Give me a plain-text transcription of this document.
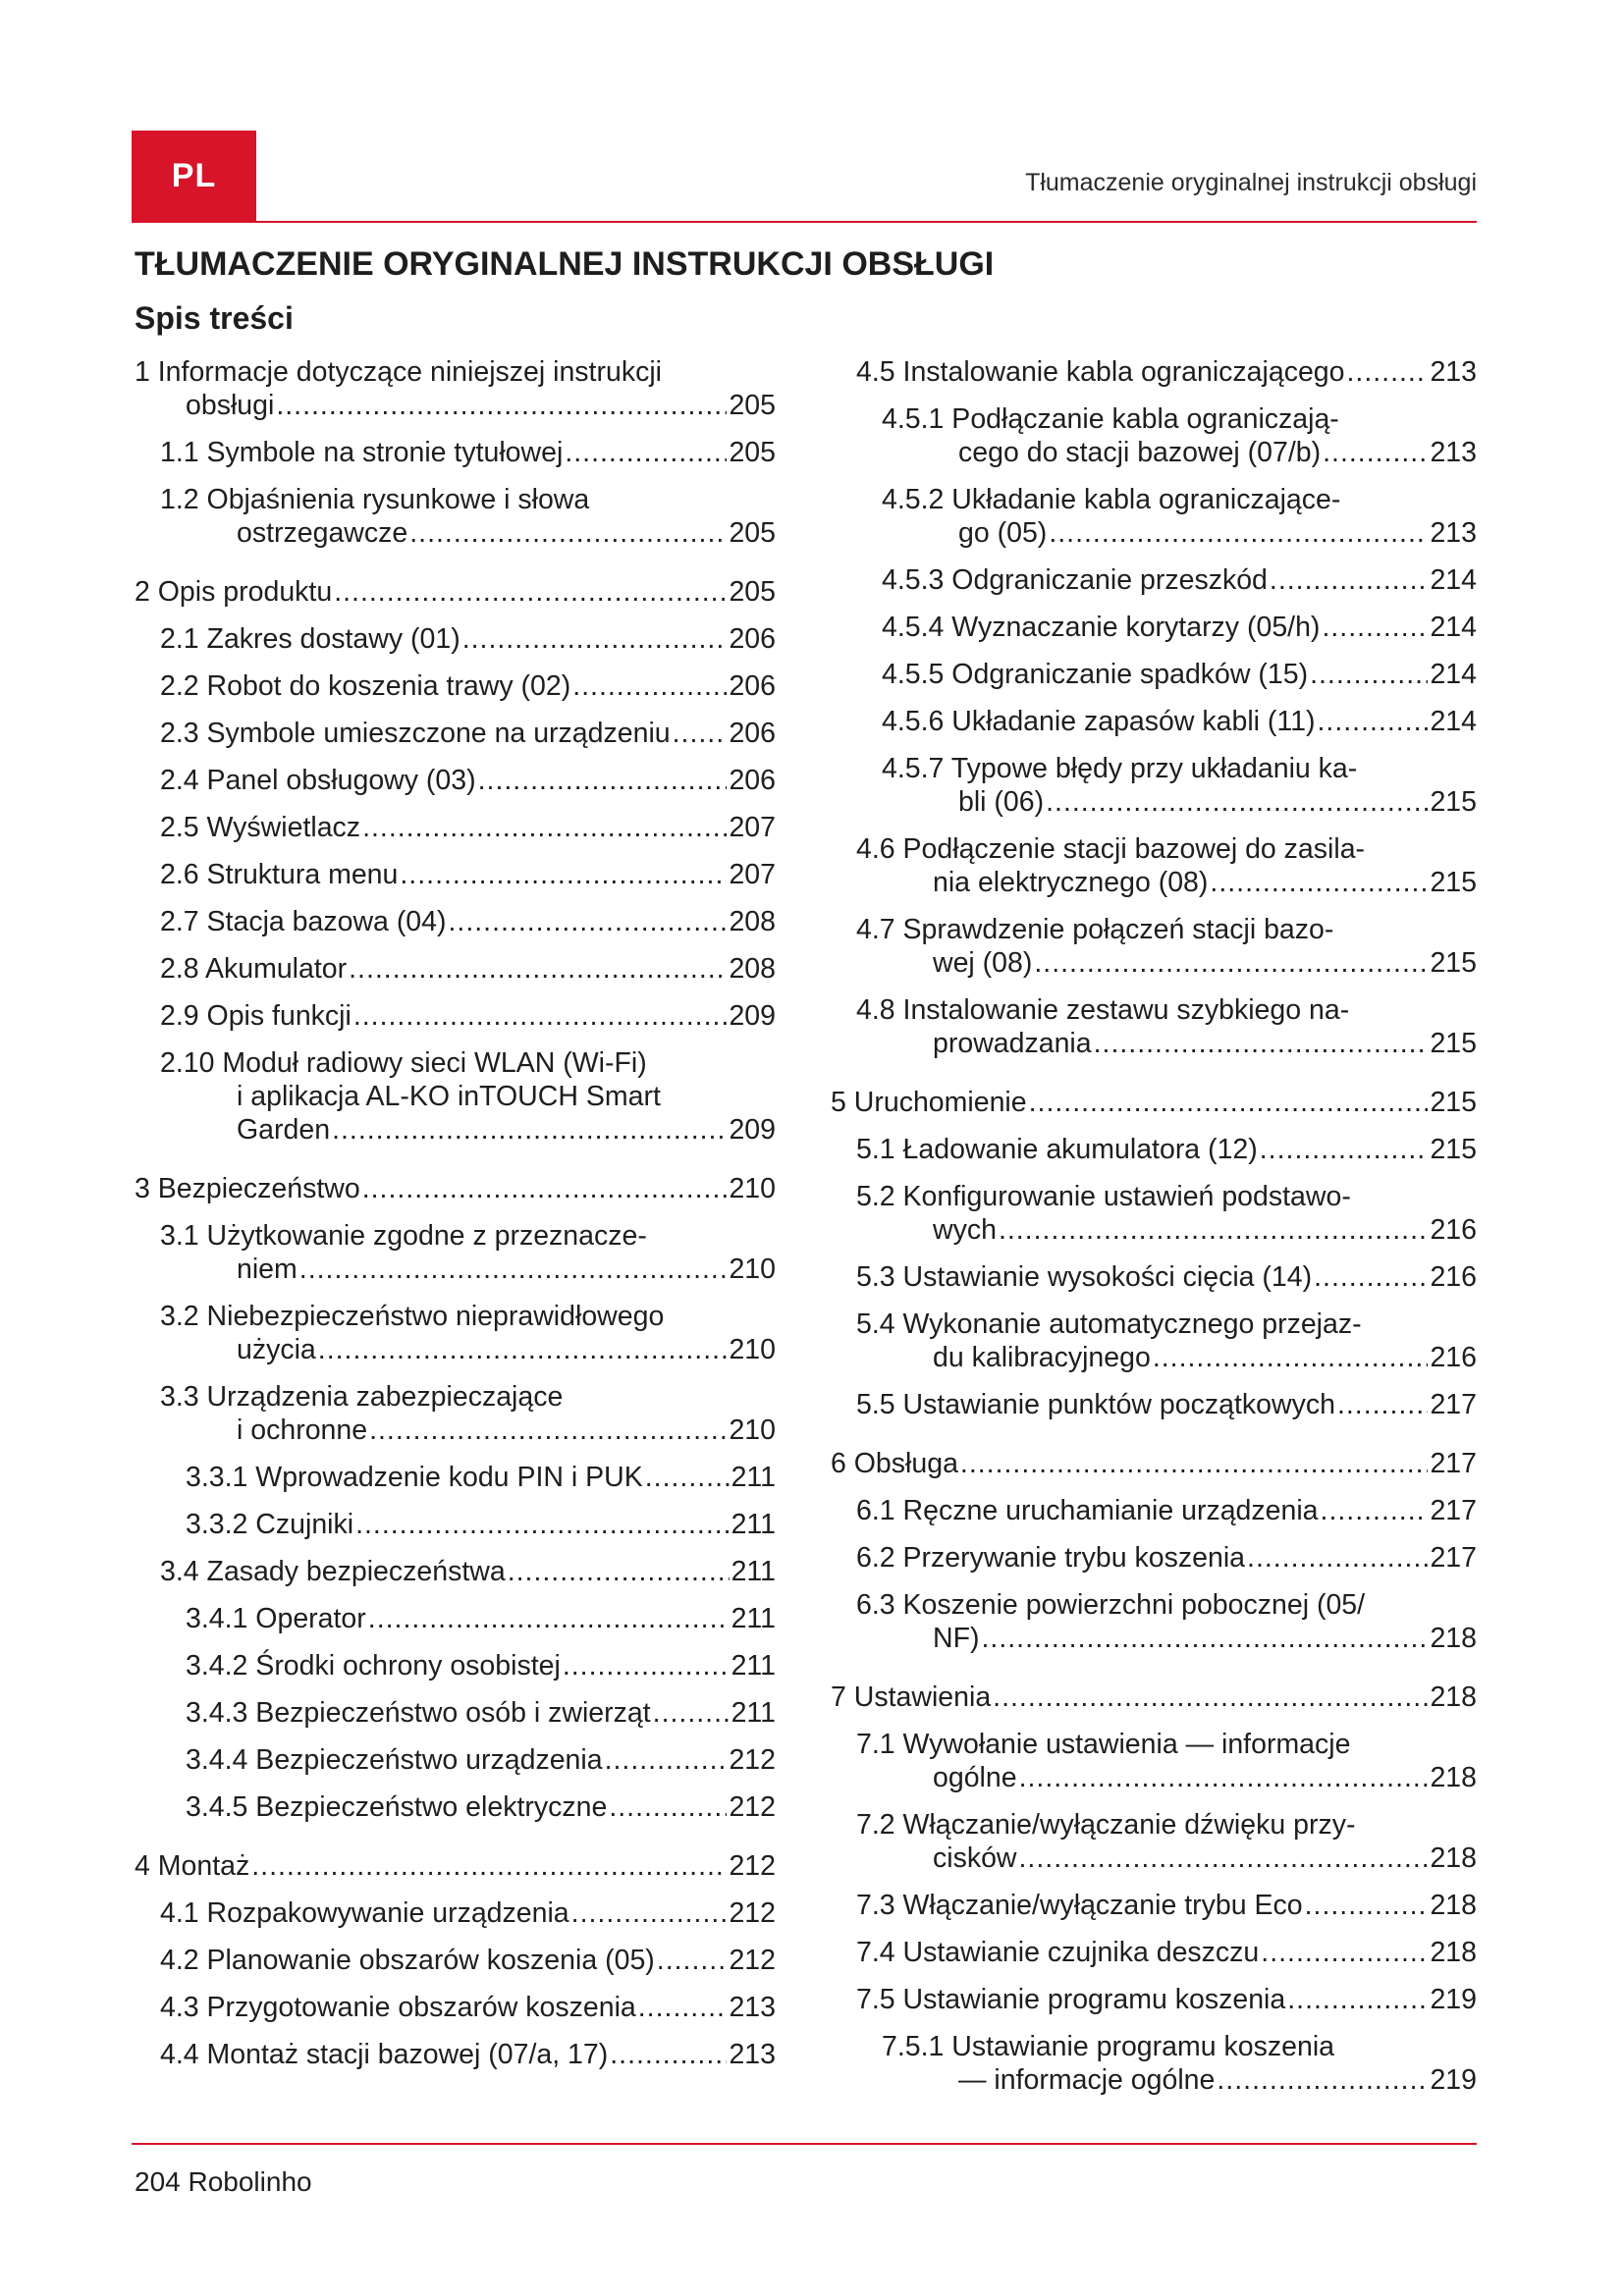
PL	Tłumaczenie oryginalnej instrukcji obsługi
TŁUMACZENIE ORYGINALNEJ INSTRUKCJI OBSŁUGI
Spis treści
1 Informacje dotyczące niniejszej instrukcji
obsługi .....	205
1.1 Symbole na stronie tytułowej .....	205
1.2 Objaśnienia rysunkowe i słowa
ostrzegawcze .....	205
2 Opis produktu .....	205
2.1 Zakres dostawy (01) .....	206
2.2 Robot do koszenia trawy (02) .....	206
2.3 Symbole umieszczone na urządzeniu ..... 206
2.4 Panel obsługowy (03) .....	206
2.5 Wyświetlacz .....	207
2.6 Struktura menu .....	207
2.7 Stacja bazowa (04) .....	208
2.8 Akumulator .....	208
2.9 Opis funkcji .....	209
2.10 Moduł radiowy sieci WLAN (Wi-Fi)
i aplikacja AL-KO inTOUCH Smart
Garden .....	209
3 Bezpieczeństwo .....	210
3.1 Użytkowanie zgodne z przeznacze-
niem .....	210
3.2 Niebezpieczeństwo nieprawidłowego
użycia .....	210
3.3 Urządzenia zabezpieczające
i ochronne .....	210
3.3.1 Wprowadzenie kodu PIN i PUK .....	211
3.3.2 Czujniki .....	211
3.4 Zasady bezpieczeństwa .....	211
3.4.1 Operator .....	211
3.4.2 Środki ochrony osobistej .....	211
3.4.3 Bezpieczeństwo osób i zwierząt .....	211
3.4.4 Bezpieczeństwo urządzenia .....	212
3.4.5 Bezpieczeństwo elektryczne .....	212
4 Montaż .....	212
4.1 Rozpakowywanie urządzenia .....	212
4.2 Planowanie obszarów koszenia (05) .....	212
4.3 Przygotowanie obszarów koszenia .....	213
4.4 Montaż stacji bazowej (07/a, 17) .....	213
4.5 Instalowanie kabla ograniczającego .....	213
4.5.1 Podłączanie kabla ograniczają-
cego do stacji bazowej (07/b) .....	213
4.5.2 Układanie kabla ograniczające-
go (05) .....	213
4.5.3 Odgraniczanie przeszkód .....	214
4.5.4 Wyznaczanie korytarzy (05/h) .....	214
4.5.5 Odgraniczanie spadków (15) .....	214
4.5.6 Układanie zapasów kabli (11) .....	214
4.5.7 Typowe błędy przy układaniu ka-
bli (06) .....	215
4.6 Podłączenie stacji bazowej do zasila-
nia elektrycznego (08) .....	215
4.7 Sprawdzenie połączeń stacji bazo-
wej (08) .....	215
4.8 Instalowanie zestawu szybkiego na-
prowadzania .....	215
5 Uruchomienie .....	215
5.1 Ładowanie akumulatora (12) .....	215
5.2 Konfigurowanie ustawień podstawo-
wych .....	216
5.3 Ustawianie wysokości cięcia (14) .....	216
5.4 Wykonanie automatycznego przejaz-
du kalibracyjnego .....	216
5.5 Ustawianie punktów początkowych .....	217
6 Obsługa .....	217
6.1 Ręczne uruchamianie urządzenia .....	217
6.2 Przerywanie trybu koszenia .....	217
6.3 Koszenie powierzchni pobocznej (05/
NF) .....	218
7 Ustawienia .....	218
7.1 Wywołanie ustawienia — informacje
ogólne .....	218
7.2 Włączanie/wyłączanie dźwięku przy-
cisków .....	218
7.3 Włączanie/wyłączanie trybu Eco .....	218
7.4 Ustawianie czujnika deszczu .....	218
7.5 Ustawianie programu koszenia .....	219
7.5.1 Ustawianie programu koszenia
— informacje ogólne .....	219
204 Robolinho
